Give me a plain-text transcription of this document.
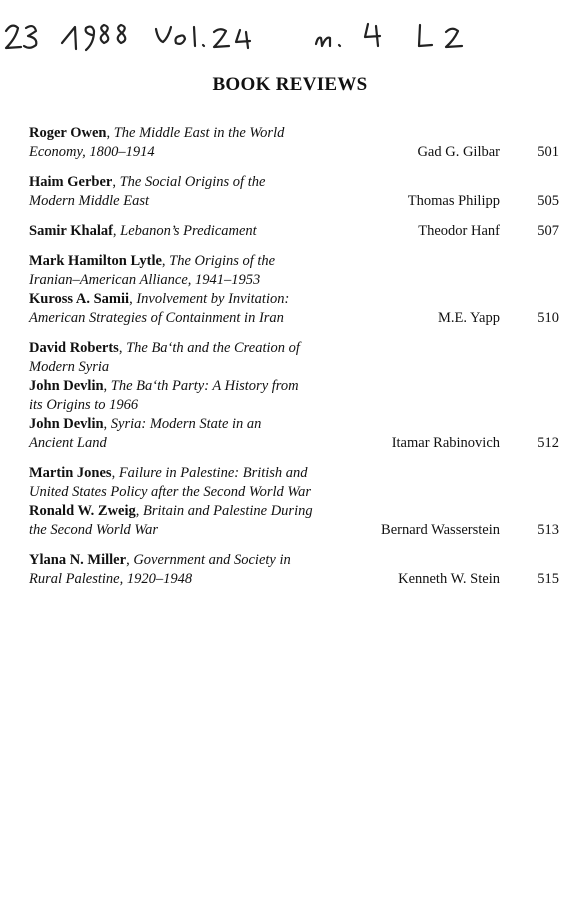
BOOK REVIEWS
Roger Owen, The Middle East in the World
Economy, 1800–1914	Gad G. Gilbar	501
Haim Gerber, The Social Origins of the
Modern Middle East	Thomas Philipp	505
Samir Khalaf, Lebanon’s Predicament	Theodor Hanf	507
Mark Hamilton Lytle, The Origins of the
Iranian–American Alliance, 1941–1953
Kuross A. Samii, Involvement by Invitation:
American Strategies of Containment in Iran	M.E. Yapp	510
David Roberts, The Ba‘th and the Creation of
Modern Syria
John Devlin, The Ba‘th Party: A History from
its Origins to 1966
John Devlin, Syria: Modern State in an
Ancient Land	Itamar Rabinovich	512
Martin Jones, Failure in Palestine: British and
United States Policy after the Second World War
Ronald W. Zweig, Britain and Palestine During
the Second World War	Bernard Wasserstein	513
Ylana N. Miller, Government and Society in
Rural Palestine, 1920–1948	Kenneth W. Stein	515
